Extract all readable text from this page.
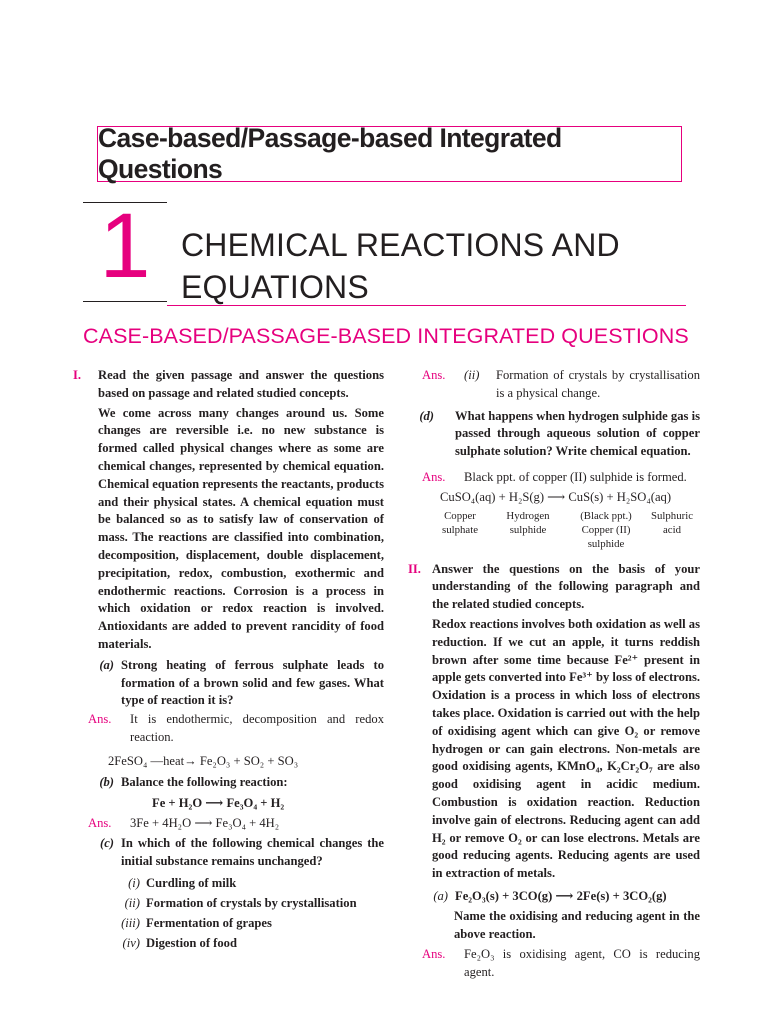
Case-based/Passage-based Integrated Questions
1 CHEMICAL REACTIONS AND
EQUATIONS
CASE-BASED/PASSAGE-BASED INTEGRATED QUESTIONS
I.	Read the given passage and answer the questions based on passage and related studied concepts.

We come across many changes around us. Some changes are reversible i.e. no new substance is formed called physical changes where as some are chemical changes, represented by chemical equation. Chemical equation represents the reactants, products and their physical states. A chemical equation must be balanced so as to satisfy law of conservation of mass. The reactions are classified into combination, decomposition, displacement, double displacement, precipitation, redox, combustion, exothermic and endothermic reactions. Corrosion is a process in which oxidation or redox reaction is involved. Antioxidants are added to prevent rancidity of food materials.

(a) Strong heating of ferrous sulphate leads to formation of a brown solid and few gases. What type of reaction it is?

Ans.	It is endothermic, decomposition and redox reaction.

2FeSO₄ —heat→ Fe₂O₃ + SO₂ + SO₃

(b) Balance the following reaction:

Fe + H₂O ⟶ Fe₃O₄ + H₂

Ans.	3Fe + 4H₂O ⟶ Fe₃O₄ + 4H₂

(c) In which of the following chemical changes the initial substance remains unchanged?

(i) Curdling of milk
(ii) Formation of crystals by crystallisation
(iii) Fermentation of grapes
(iv) Digestion of food
Ans.	(ii)	Formation of crystals by crystallisation is a physical change.

(d)	What happens when hydrogen sulphide gas is passed through aqueous solution of copper sulphate solution? Write chemical equation.

Ans.	Black ppt. of copper (II) sulphide is formed.

CuSO₄(aq) + H₂S(g) ⟶ CuS(s) + H₂SO₄(aq)

Copper sulphate
Hydrogen sulphide
(Black ppt.) Copper (II) sulphide
Sulphuric acid
II. Answer the questions on the basis of your understanding of the following paragraph and the related studied concepts.

Redox reactions involves both oxidation as well as reduction. If we cut an apple, it turns reddish brown after some time because Fe²⁺ present in apple gets converted into Fe³⁺ by loss of electrons. Oxidation is a process in which loss of electrons takes place. Oxidation is carried out with the help of oxidising agent which can give O₂ or remove hydrogen or can gain electrons. Non-metals are good oxidising agents, KMnO₄, K₂Cr₂O₇ are also good oxidising agent in acidic medium. Combustion is oxidation reaction. Reduction involve gain of electrons. Reducing agent can add H₂ or remove O₂ or can lose electrons. Metals are good reducing agents. Reducing agents are used in extraction of metals.

(a) Fe₂O₃(s) + 3CO(g) ⟶ 2Fe(s) + 3CO₂(g)

Name the oxidising and reducing agent in the above reaction.

Ans.	Fe₂O₃ is oxidising agent, CO is reducing agent.
